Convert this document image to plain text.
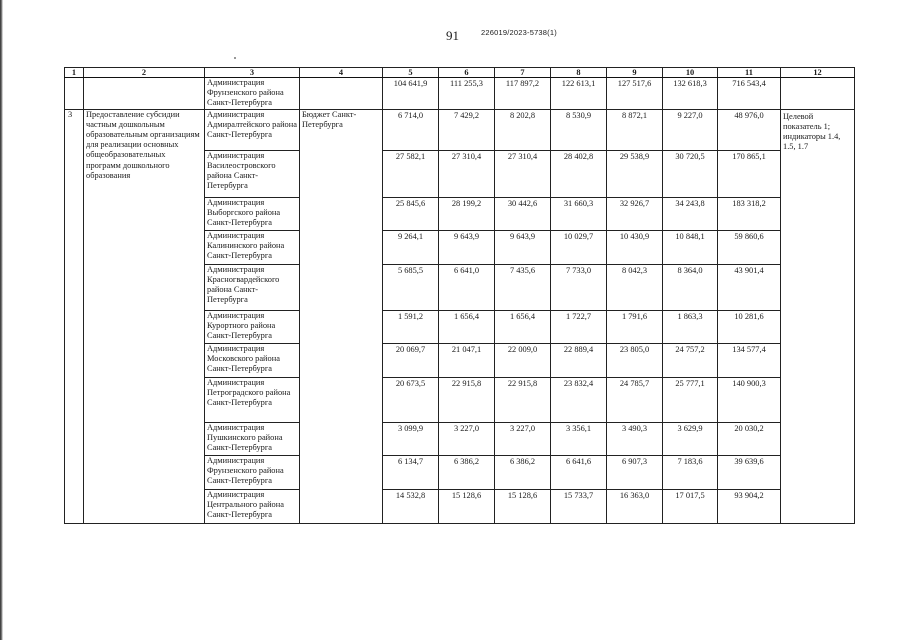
91	226019/2023-5738(1)
1	2	3	4	5	6	7	8	9	10	11	12
		Администрация Фрунзенского района Санкт-Петербурга		104 641,9	111 255,3	117 897,2	122 613,1	127 517,6	132 618,3	716 543,4	
3	Предоставление субсидии частным дошкольным образовательным организациям для реализации основных общеобразовательных программ дошкольного образования	Администрация Адмиралтейского района Санкт-Петербурга	Бюджет Санкт-Петербурга	6 714,0	7 429,2	8 202,8	8 530,9	8 872,1	9 227,0	48 976,0	Целевой показатель 1; индикаторы 1.4, 1.5, 1.7
		Администрация Василеостровского района Санкт-Петербурга		27 582,1	27 310,4	27 310,4	28 402,8	29 538,9	30 720,5	170 865,1	
		Администрация Выборгского района Санкт-Петербурга		25 845,6	28 199,2	30 442,6	31 660,3	32 926,7	34 243,8	183 318,2	
		Администрация Калининского района Санкт-Петербурга		9 264,1	9 643,9	9 643,9	10 029,7	10 430,9	10 848,1	59 860,6	
		Администрация Красногвардейского района Санкт-Петербурга		5 685,5	6 641,0	7 435,6	7 733,0	8 042,3	8 364,0	43 901,4	
		Администрация Курортного района Санкт-Петербурга		1 591,2	1 656,4	1 656,4	1 722,7	1 791,6	1 863,3	10 281,6	
		Администрация Московского района Санкт-Петербурга		20 069,7	21 047,1	22 009,0	22 889,4	23 805,0	24 757,2	134 577,4	
		Администрация Петроградского района Санкт-Петербурга		20 673,5	22 915,8	22 915,8	23 832,4	24 785,7	25 777,1	140 900,3	
		Администрация Пушкинского района Санкт-Петербурга		3 099,9	3 227,0	3 227,0	3 356,1	3 490,3	3 629,9	20 030,2	
		Администрация Фрунзенского района Санкт-Петербурга		6 134,7	6 386,2	6 386,2	6 641,6	6 907,3	7 183,6	39 639,6	
		Администрация Центрального района Санкт-Петербурга		14 532,8	15 128,6	15 128,6	15 733,7	16 363,0	17 017,5	93 904,2	
